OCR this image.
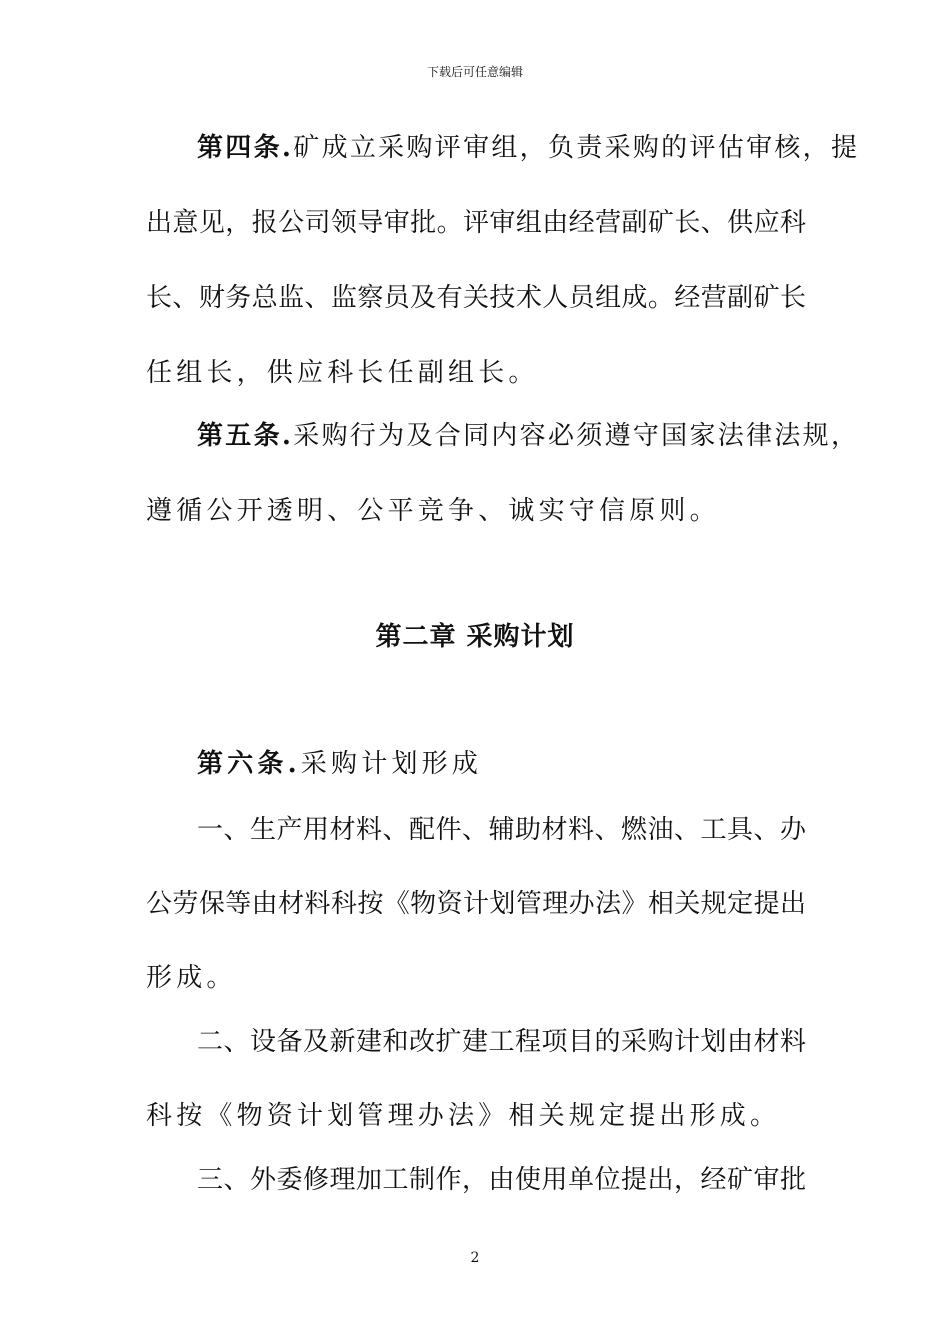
下载后可任意编辑
第四条.矿成立采购评审组，负责采购的评估审核，提
出意见，报公司领导审批。评审组由经营副矿长、供应科
长、财务总监、监察员及有关技术人员组成。经营副矿长
任组长，供应科长任副组长。
第五条.采购行为及合同内容必须遵守国家法律法规，
遵循公开透明、公平竞争、诚实守信原则。
第二章 采购计划
第六条.采购计划形成
一、生产用材料、配件、辅助材料、燃油、工具、办
公劳保等由材料科按《物资计划管理办法》相关规定提出
形成。
二、设备及新建和改扩建工程项目的采购计划由材料
科按《物资计划管理办法》相关规定提出形成。
三、外委修理加工制作，由使用单位提出，经矿审批
2
